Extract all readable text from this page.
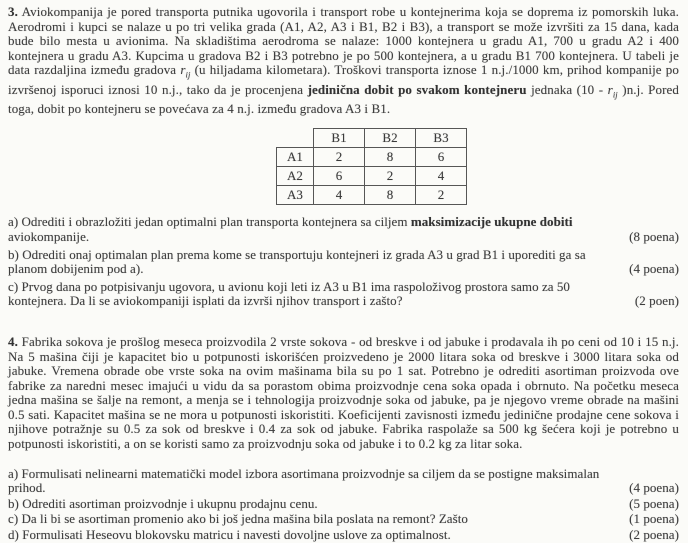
3. Aviokompanija je pored transporta putnika ugovorila i transport robe u kontejnerima koja se doprema iz pomorskih luka. Aerodromi i kupci se nalaze u po tri velika grada (A1, A2, A3 i B1, B2 i B3), a transport se može izvršiti za 15 dana, kada bude bilo mesta u avionima. Na skladištima aerodroma se nalaze: 1000 kontejnera u gradu A1, 700 u gradu A2 i 400 kontejnera u gradu A3. Kupcima u gradova B2 i B3 potrebno je po 500 kontejnera, a u gradu B1 700 kontejnera. U tabeli je data razdaljina između gradova $r_{ij}$ (u hiljadama kilometara). Troškovi transporta iznose 1 n.j./1000 km, prihod kompanije po izvršenoj isporuci iznosi 10 n.j., tako da je procenjena jedinična dobit po svakom kontejneru jednaka ($10 - r_{ij}$ )n.j. Pored toga, dobit po kontejneru se povećava za 4 n.j. između gradova A3 i B1.

	B1	B2	B3
A1	2	8	6
A2	6	2	4
A3	4	8	2
a) Odrediti i obrazložiti jedan optimalni plan transporta kontejnera sa ciljem maksimizacije ukupne dobiti aviokompanije.	(8 poena)
b) Odrediti onaj optimalan plan prema kome se transportuju kontejneri iz grada A3 u grad B1 i uporediti ga sa planom dobijenim pod a).	(4 poena)
c) Prvog dana po potpisivanju ugovora, u avionu koji leti iz A3 u B1 ima raspoloživog prostora samo za 50 kontejnera. Da li se aviokompaniji isplati da izvrši njihov transport i zašto?	(2 poen)

4. Fabrika sokova je prošlog meseca proizvodila 2 vrste sokova - od breskve i od jabuke i prodavala ih po ceni od 10 i 15 n.j. Na 5 mašina čiji je kapacitet bio u potpunosti iskorišćen proizvedeno je 2000 litara soka od breskve i 3000 litara soka od jabuke. Vremena obrade obe vrste soka na ovim mašinama bila su po 1 sat. Potrebno je odrediti asortiman proizvoda ove fabrike za naredni mesec imajući u vidu da sa porastom obima proizvodnje cena soka opada i obrnuto. Na početku meseca jedna mašina se šalje na remont, a menja se i tehnologija proizvodnje soka od jabuke, pa je njegovo vreme obrade na mašini 0.5 sati. Kapacitet mašina se ne mora u potpunosti iskoristiti. Koeficijenti zavisnosti između jedinične prodajne cene sokova i njihove potražnje su 0.5 za sok od breskve i 0.4 za sok od jabuke. Fabrika raspolaže sa 500 kg šećera koji je potrebno u potpunosti iskoristiti, a on se koristi samo za proizvodnju soka od jabuke i to 0.2 kg za litar soka.

a) Formulisati nelinearni matematički model izbora asortimana proizvodnje sa ciljem da se postigne maksimalan prihod.	(4 poena)
b) Odrediti asortiman proizvodnje i ukupnu prodajnu cenu.	(5 poena)
c) Da li bi se asortiman promenio ako bi još jedna mašina bila poslata na remont? Zašto	(1 poena)
d) Formulisati Heseovu blokovsku matricu i navesti dovoljne uslove za optimalnost.	(2 poena)
